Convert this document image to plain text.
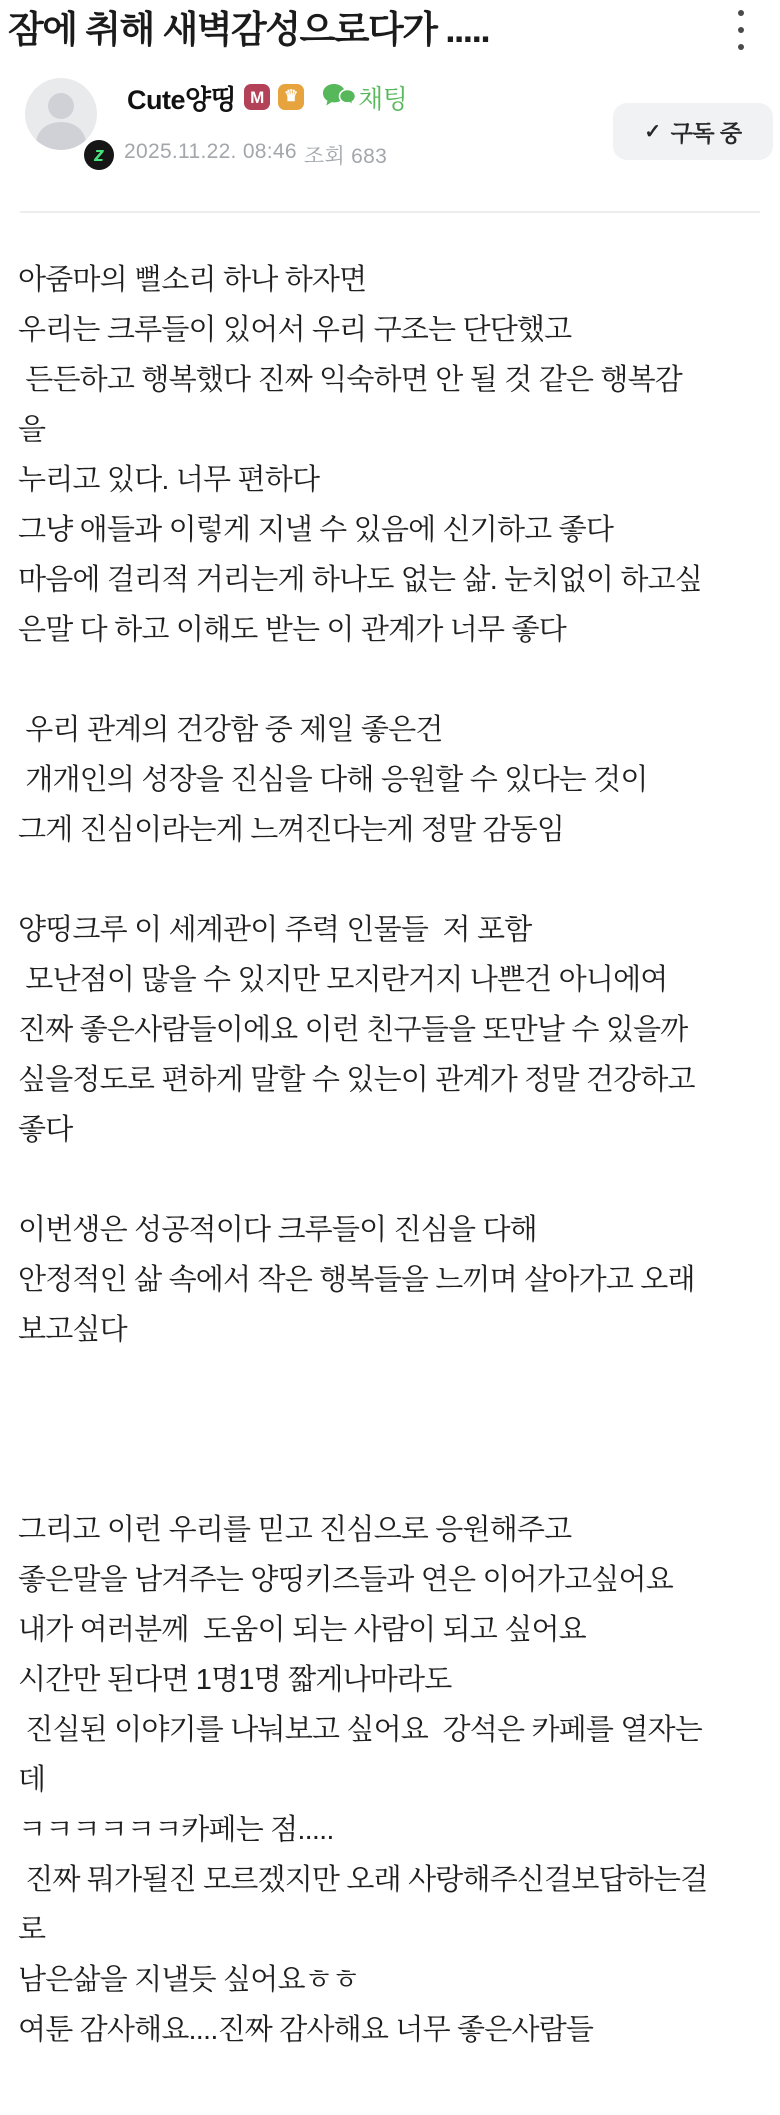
잠에 취해 새벽감성으로다가 .....
z
Cute양띵 M	♛ 채팅
2025.11.22. 08:46 조회 683
✓ 구독 중
아줌마의 뻘소리 하나 하자면
우리는 크루들이 있어서 우리 구조는 단단했고
든든하고 행복했다 진짜 익숙하면 안 될 것 같은 행복감
을
누리고 있다. 너무 편하다
그냥 애들과 이렇게 지낼 수 있음에 신기하고 좋다
마음에 걸리적 거리는게 하나도 없는 삶. 눈치없이 하고싶
은말 다 하고 이해도 받는 이 관계가 너무 좋다
우리 관계의 건강함 중 제일 좋은건
개개인의 성장을 진심을 다해 응원할 수 있다는 것이
그게 진심이라는게 느껴진다는게 정말 감동임
양띵크루 이 세계관이 주력 인물들  저 포함
모난점이 많을 수 있지만 모지란거지 나쁜건 아니에여
진짜 좋은사람들이에요 이런 친구들을 또만날 수 있을까
싶을정도로 편하게 말할 수 있는이 관계가 정말 건강하고
좋다
이번생은 성공적이다 크루들이 진심을 다해
안정적인 삶 속에서 작은 행복들을 느끼며 살아가고 오래
보고싶다
그리고 이런 우리를 믿고 진심으로 응원해주고
좋은말을 남겨주는 양띵키즈들과 연은 이어가고싶어요
내가 여러분께  도움이 되는 사람이 되고 싶어요
시간만 된다면 1명1명 짧게나마라도
진실된 이야기를 나눠보고 싶어요  강석은 카페를 열자는
데
ㅋㅋㅋㅋㅋㅋ카페는 점.....
진짜 뭐가될진 모르겠지만 오래 사랑해주신걸보답하는걸
로
남은삶을 지낼듯 싶어요ㅎㅎ
여툰 감사해요....진짜 감사해요 너무 좋은사람들
